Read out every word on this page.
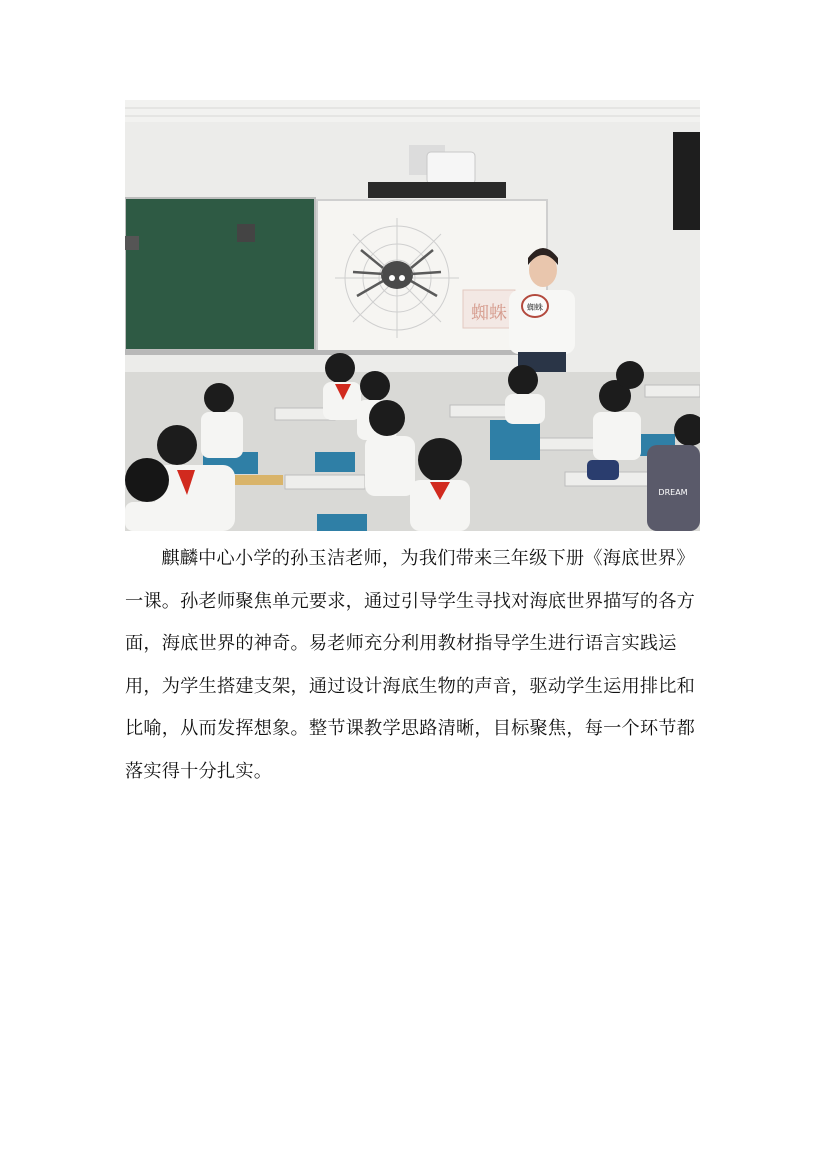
蜘蛛	蜘蛛
DREAM

麒麟中心小学的孙玉洁老师，为我们带来三年级下册《海底世界》一课。孙老师聚焦单元要求，通过引导学生寻找对海底世界描写的各方面，海底世界的神奇。易老师充分利用教材指导学生进行语言实践运用，为学生搭建支架，通过设计海底生物的声音，驱动学生运用排比和比喻，从而发挥想象。整节课教学思路清晰，目标聚焦，每一个环节都落实得十分扎实。
